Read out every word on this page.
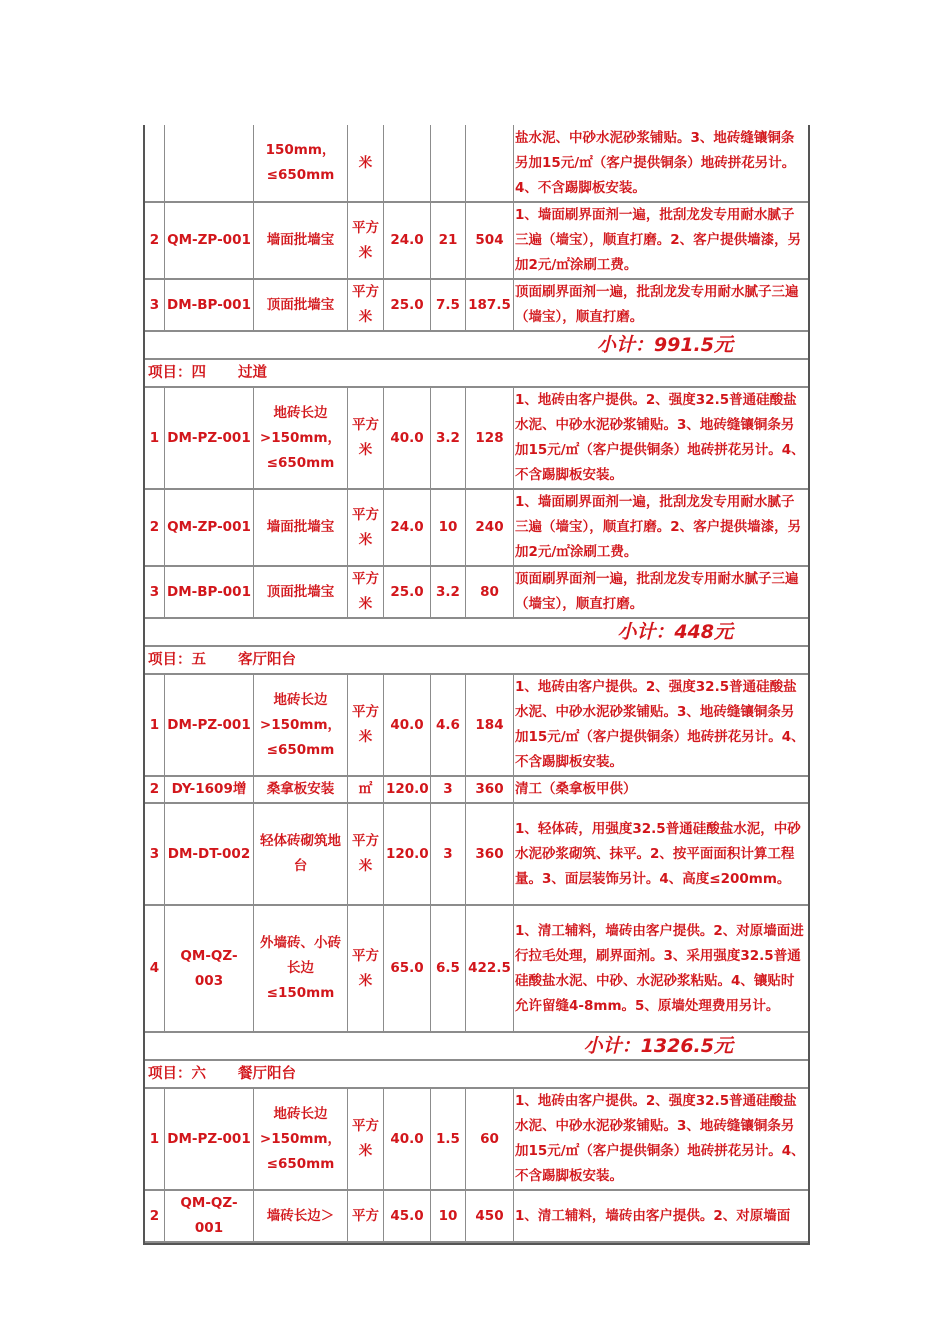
		150mm，≤650mm	米				盐水泥、中砂水泥砂浆铺贴。3、地砖缝镶铜条另加15元/㎡（客户提供铜条）地砖拼花另计。4、不含踢脚板安装。
2	QM-ZP-001	墙面批墙宝	平方米	24.0	21	504	1、墙面刷界面剂一遍，批刮龙发专用耐水腻子三遍（墙宝），顺直打磨。2、客户提供墙漆，另加2元/㎡涂刷工费。
3	DM-BP-001	顶面批墙宝	平方米	25.0	7.5	187.5	顶面刷界面剂一遍，批刮龙发专用耐水腻子三遍（墙宝），顺直打磨。
小计：991.5元							
项目：四 过道							
1	DM-PZ-001	地砖长边>150mm，≤650mm	平方米	40.0	3.2	128	1、地砖由客户提供。2、强度32.5普通硅酸盐水泥、中砂水泥砂浆铺贴。3、地砖缝镶铜条另加15元/㎡（客户提供铜条）地砖拼花另计。4、不含踢脚板安装。
2	QM-ZP-001	墙面批墙宝	平方米	24.0	10	240	1、墙面刷界面剂一遍，批刮龙发专用耐水腻子三遍（墙宝），顺直打磨。2、客户提供墙漆，另加2元/㎡涂刷工费。
3	DM-BP-001	顶面批墙宝	平方米	25.0	3.2	80	顶面刷界面剂一遍，批刮龙发专用耐水腻子三遍（墙宝），顺直打磨。
小计：448元							
项目：五 客厅阳台							
1	DM-PZ-001	地砖长边>150mm，≤650mm	平方米	40.0	4.6	184	1、地砖由客户提供。2、强度32.5普通硅酸盐水泥、中砂水泥砂浆铺贴。3、地砖缝镶铜条另加15元/㎡（客户提供铜条）地砖拼花另计。4、不含踢脚板安装。
2	DY-1609增	桑拿板安装	㎡	120.0	3	360	清工（桑拿板甲供）
3	DM-DT-002	轻体砖砌筑地台	平方米	120.0	3	360	1、轻体砖，用强度32.5普通硅酸盐水泥，中砂水泥砂浆砌筑、抹平。2、按平面面积计算工程量。3、面层装饰另计。4、高度≤200mm。
4	QM-QZ-003	外墙砖、小砖长边≤150mm	平方米	65.0	6.5	422.5	1、清工辅料，墙砖由客户提供。2、对原墙面进行拉毛处理，刷界面剂。3、采用强度32.5普通硅酸盐水泥、中砂、水泥砂浆粘贴。4、镶贴时允许留缝4-8mm。5、原墙处理费用另计。
小计：1326.5元							
项目：六 餐厅阳台							
1	DM-PZ-001	地砖长边>150mm，≤650mm	平方米	40.0	1.5	60	1、地砖由客户提供。2、强度32.5普通硅酸盐水泥、中砂水泥砂浆铺贴。3、地砖缝镶铜条另加15元/㎡（客户提供铜条）地砖拼花另计。4、不含踢脚板安装。
2	QM-QZ-001	墙砖长边＞	平方	45.0	10	450	1、清工辅料，墙砖由客户提供。2、对原墙面
